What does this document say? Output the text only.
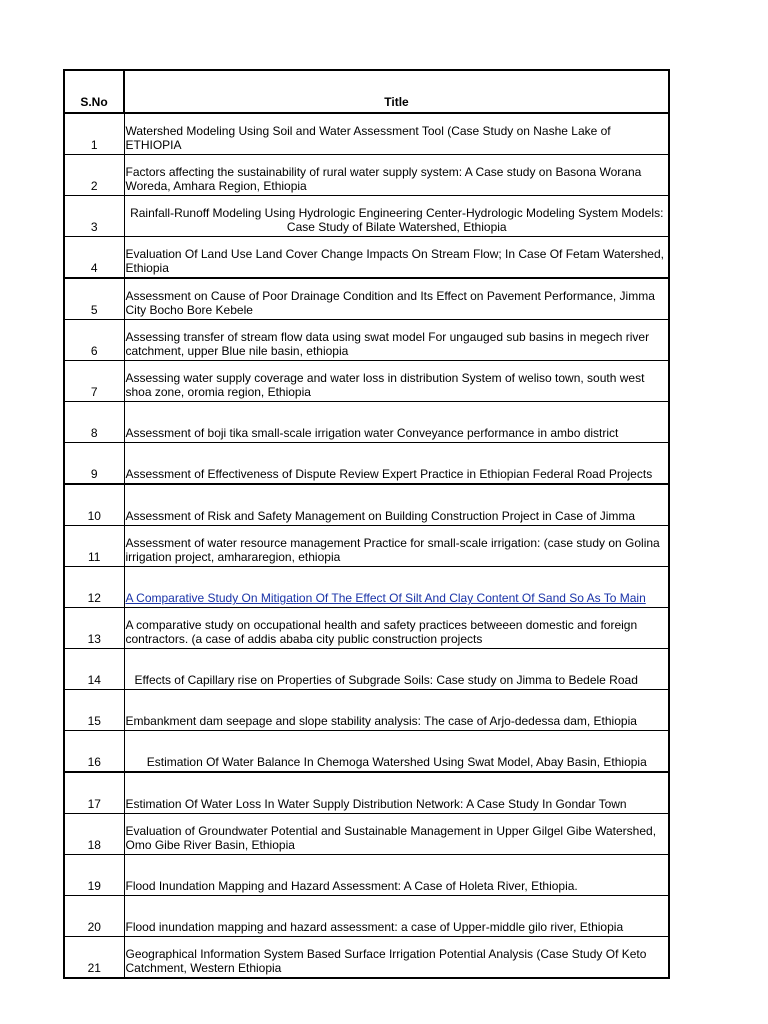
S.No	Title
1	Watershed Modeling Using Soil and Water Assessment Tool (Case Study on Nashe Lake of ETHIOPIA
2	Factors affecting the sustainability of rural water supply system: A Case study on Basona Worana Woreda, Amhara Region, Ethiopia
3	Rainfall-Runoff Modeling Using Hydrologic Engineering Center-Hydrologic Modeling System Models: Case Study of Bilate Watershed, Ethiopia
4	Evaluation Of Land Use Land Cover Change Impacts On Stream Flow; In Case Of Fetam Watershed, Ethiopia
5	Assessment on Cause of Poor Drainage Condition and Its Effect on Pavement Performance, Jimma City Bocho Bore Kebele
6	Assessing transfer of stream flow data using swat model For ungauged sub basins in megech river catchment, upper Blue nile basin, ethiopia
7	Assessing water supply coverage and water loss in distribution System of weliso town, south west shoa zone, oromia region, Ethiopia
8	Assessment of boji tika small-scale irrigation water Conveyance performance in ambo district
9	Assessment of Effectiveness of Dispute Review Expert Practice in Ethiopian Federal Road Projects
10	Assessment of Risk and Safety Management on Building Construction Project in Case of Jimma
11	Assessment of water resource management Practice for small-scale irrigation: (case study on Golina irrigation project, amhararegion, ethiopia
12	A Comparative Study On Mitigation Of The Effect Of Silt And Clay Content Of Sand So As To Main
13	A comparative study on occupational health and safety practices betweeen domestic and foreign contractors. (a case of addis ababa city public construction projects
14	Effects of Capillary rise on Properties of Subgrade Soils: Case study on Jimma to Bedele Road
15	Embankment dam seepage and slope stability analysis: The case of Arjo-dedessa dam, Ethiopia
16	Estimation Of Water Balance In Chemoga Watershed Using Swat Model, Abay Basin, Ethiopia
17	Estimation Of Water Loss In Water Supply Distribution Network: A Case Study In Gondar Town
18	Evaluation of Groundwater Potential and Sustainable Management in Upper Gilgel Gibe Watershed, Omo Gibe River Basin, Ethiopia
19	Flood Inundation Mapping and Hazard Assessment: A Case of Holeta River, Ethiopia.
20	Flood inundation mapping and hazard assessment: a case of Upper-middle gilo river, Ethiopia
21	Geographical Information System Based Surface Irrigation Potential Analysis (Case Study Of Keto Catchment, Western Ethiopia
